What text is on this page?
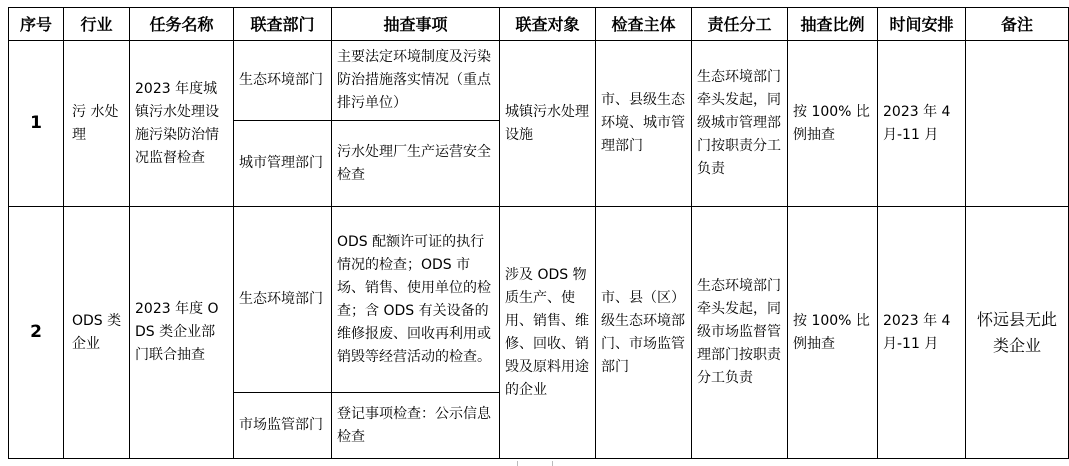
序号	行业	任务名称	联查部门	抽查事项	联查对象	检查主体	责任分工	抽查比例	时间安排	备注
1	污 水处理	2023 年度城镇污水处理设施污染防治情况监督检查	生态环境部门	主要法定环境制度及污染防治措施落实情况（重点排污单位）	城镇污水处理设施	市、县级生态环境、城市管理部门	生态环境部门牵头发起，同级城市管理部门按职责分工负责	按 100% 比例抽查	2023 年 4 月-11 月	
			城市管理部门	污水处理厂生产运营安全检查						
2	ODS 类企业	2023 年度 ODS 类企业部门联合抽查	生态环境部门	ODS 配额许可证的执行情况的检查；ODS 市场、销售、使用单位的检查；含 ODS 有关设备的维修报废、回收再利用或销毁等经营活动的检查。	涉及 ODS 物质生产、使用、销售、维修、回收、销毁及原料用途的企业	市、县（区）级生态环境部门、市场监管部门	生态环境部门牵头发起，同级市场监督管理部门按职责分工负责	按 100% 比例抽查	2023 年 4 月-11 月	怀远县无此类企业
			市场监管部门	登记事项检查：公示信息检查						
